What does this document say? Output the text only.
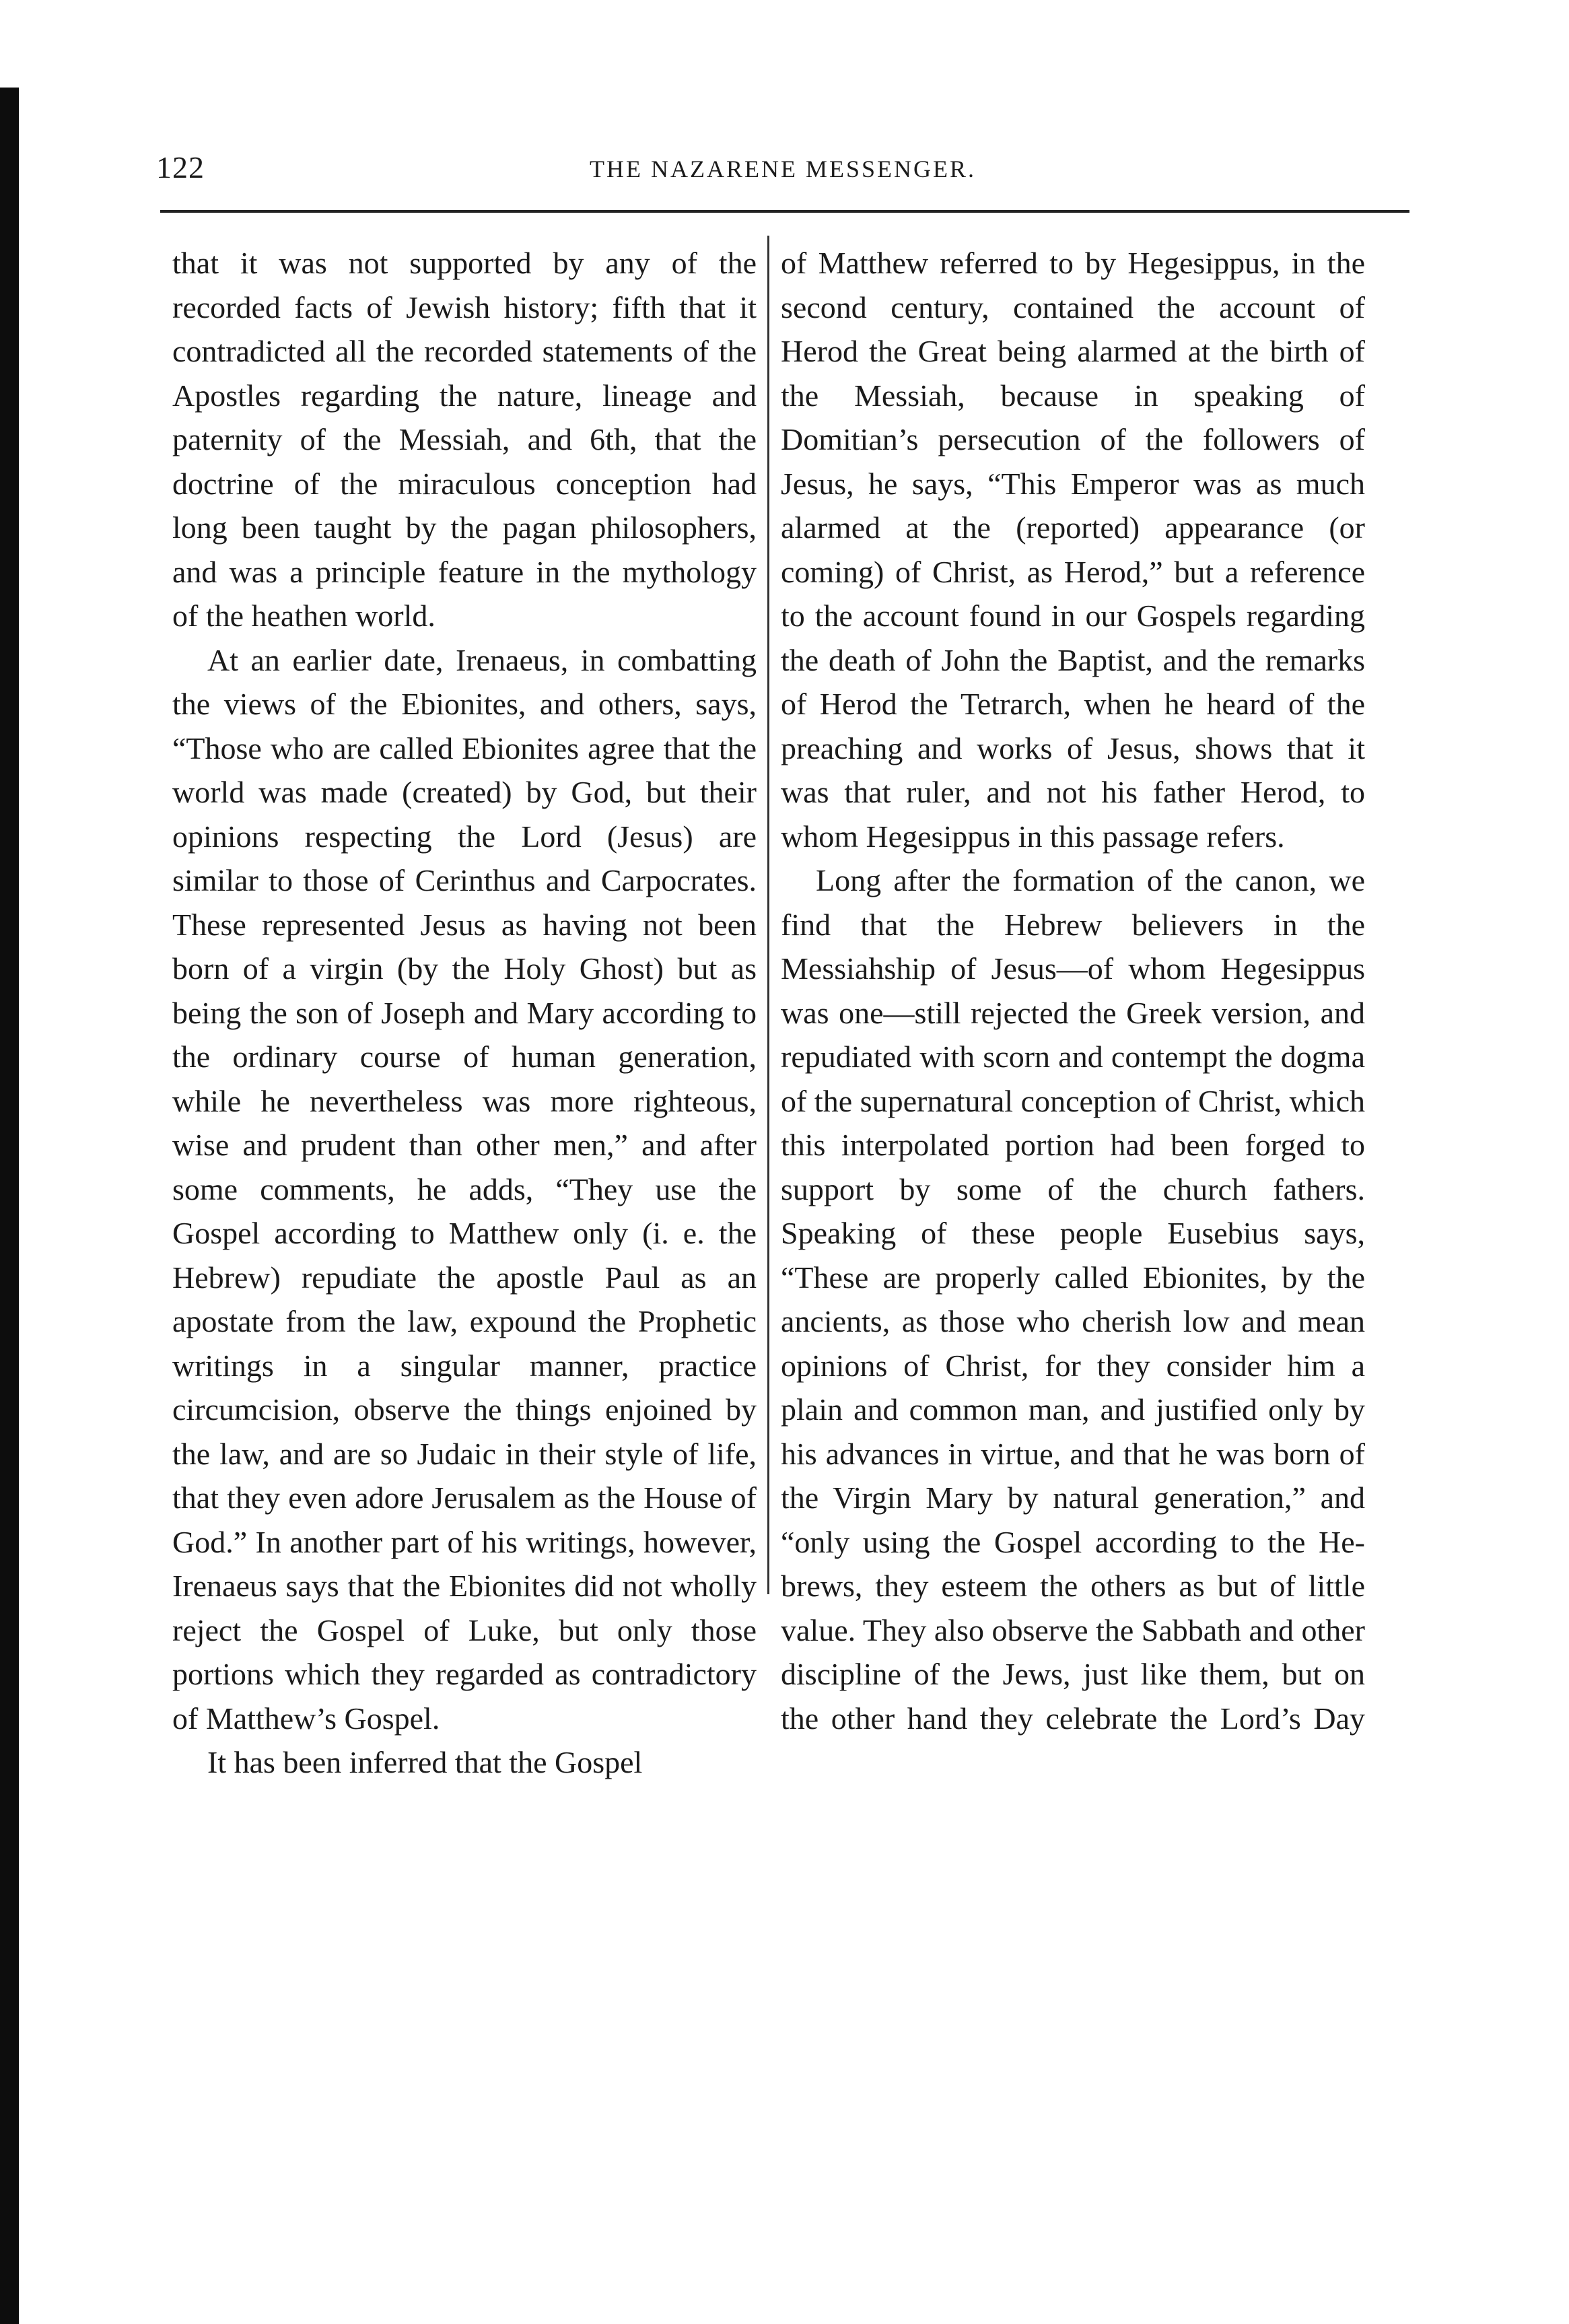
122	THE NAZARENE MESSENGER.

that it was not supported by any of the recorded facts of Jewish history; fifth that it contradicted all the recorded statements of the Apostles regarding the nature, lineage and paternity of the Messiah, and 6th, that the doctrine of the miraculous conception had long been taught by the pagan philosophers, and was a principle feature in the mythology of the heathen world.

At an earlier date, Irenaeus, in combatting the views of the Ebionites, and others, says, “Those who are called Ebionites agree that the world was made (created) by God, but their opinions respecting the Lord (Jesus) are similar to those of Cerinthus and Carpocrates. These represented Jesus as having not been born of a virgin (by the Holy Ghost) but as being the son of Joseph and Mary according to the ordinary course of human generation, while he nevertheless was more righteous, wise and prudent than other men,” and after some comments, he adds, “They use the Gospel according to Matthew only (i. e. the Hebrew) repudiate the apostle Paul as an apostate from the law, expound the Prophetic writings in a singular manner, practice circumcision, observe the things enjoined by the law, and are so Judaic in their style of life, that they even adore Jerusalem as the House of God.” In another part of his writings, however, Irenaeus says that the Ebionites did not wholly reject the Gospel of Luke, but only those portions which they regarded as contradictory of Matthew’s Gospel.

It has been inferred that the Gospel

of Matthew referred to by Hegesippus, in the second century, contained the account of Herod the Great being alarmed at the birth of the Messiah, because in speaking of Domitian’s persecution of the followers of Jesus, he says, “This Emperor was as much alarmed at the (reported) appearance (or coming) of Christ, as Herod,” but a reference to the account found in our Gospels regarding the death of John the Baptist, and the remarks of Herod the Tetrarch, when he heard of the preaching and works of Jesus, shows that it was that ruler, and not his father Herod, to whom Hegesippus in this passage refers.

Long after the formation of the canon, we find that the Hebrew believers in the Messiahship of Jesus—of whom Hegesippus was one—still rejected the Greek version, and repudiated with scorn and contempt the dogma of the supernatural conception of Christ, which this interpolated portion had been forged to support by some of the church fathers. Speaking of these people Eusebius says, “These are properly called Ebionites, by the ancients, as those who cherish low and mean opinions of Christ, for they consider him a plain and common man, and justified only by his advances in virtue, and that he was born of the Virgin Mary by natural generation,” and “only using the Gospel according to the Hebrews, they esteem the others as but of little value. They also observe the Sabbath and other discipline of the Jews, just like them, but on the other hand they celebrate the Lord’s Day
